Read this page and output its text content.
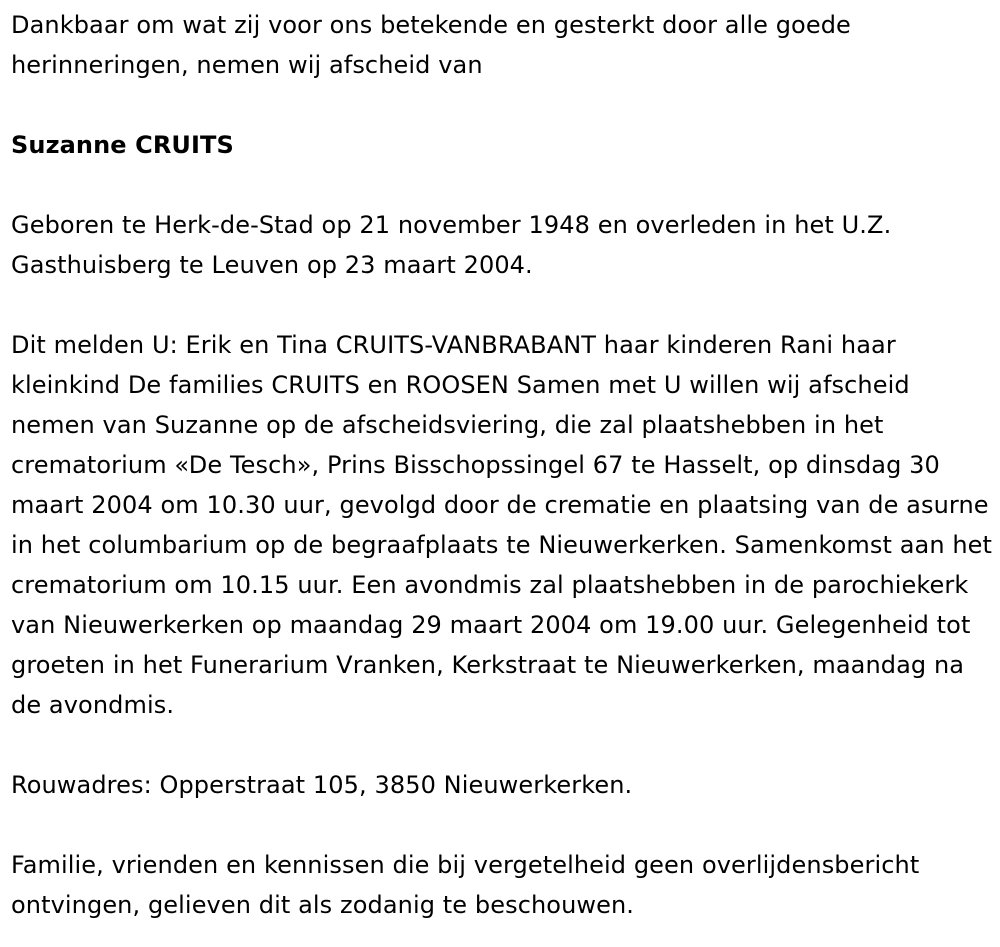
Dankbaar om wat zij voor ons betekende en gesterkt door alle goede herinneringen, nemen wij afscheid van

Suzanne CRUITS

Geboren te Herk-de-Stad op 21 november 1948 en overleden in het U.Z. Gasthuisberg te Leuven op 23 maart 2004.

Dit melden U: Erik en Tina CRUITS-VANBRABANT haar kinderen Rani haar kleinkind De families CRUITS en ROOSEN Samen met U willen wij afscheid nemen van Suzanne op de afscheidsviering, die zal plaatshebben in het crematorium «De Tesch», Prins Bisschopssingel 67 te Hasselt, op dinsdag 30 maart 2004 om 10.30 uur, gevolgd door de crematie en plaatsing van de asurne in het columbarium op de begraafplaats te Nieuwerkerken. Samenkomst aan het crematorium om 10.15 uur. Een avondmis zal plaatshebben in de parochiekerk van Nieuwerkerken op maandag 29 maart 2004 om 19.00 uur. Gelegenheid tot groeten in het Funerarium Vranken, Kerkstraat te Nieuwerkerken, maandag na de avondmis.

Rouwadres: Opperstraat 105, 3850 Nieuwerkerken.

Familie, vrienden en kennissen die bij vergetelheid geen overlijdensbericht ontvingen, gelieven dit als zodanig te beschouwen.
